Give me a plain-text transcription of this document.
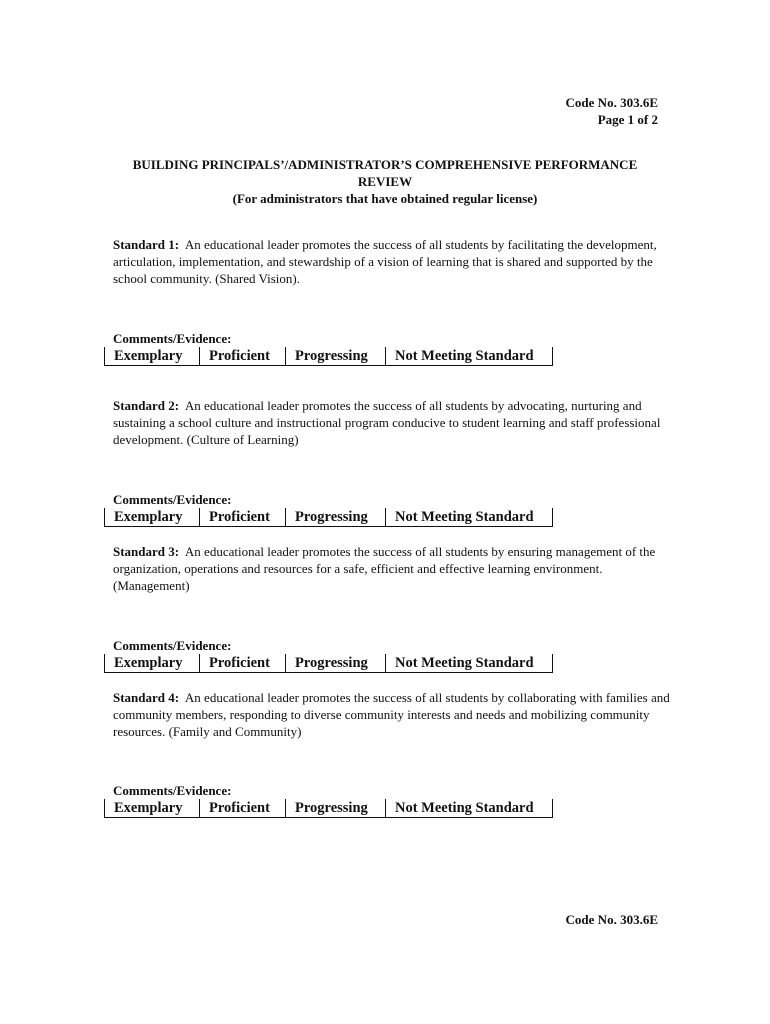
Code No. 303.6E
Page 1 of 2
BUILDING PRINCIPALS’/ADMINISTRATOR’S COMPREHENSIVE PERFORMANCE REVIEW
(For administrators that have obtained regular license)
Standard 1: An educational leader promotes the success of all students by facilitating the development, articulation, implementation, and stewardship of a vision of learning that is shared and supported by the school community. (Shared Vision).
Comments/Evidence:
Exemplary	Proficient	Progressing	Not Meeting Standard
Standard 2: An educational leader promotes the success of all students by advocating, nurturing and sustaining a school culture and instructional program conducive to student learning and staff professional development. (Culture of Learning)
Comments/Evidence:
Exemplary	Proficient	Progressing	Not Meeting Standard
Standard 3: An educational leader promotes the success of all students by ensuring management of the organization, operations and resources for a safe, efficient and effective learning environment. (Management)
Comments/Evidence:
Exemplary	Proficient	Progressing	Not Meeting Standard
Standard 4: An educational leader promotes the success of all students by collaborating with families and community members, responding to diverse community interests and needs and mobilizing community resources. (Family and Community)
Comments/Evidence:
Exemplary	Proficient	Progressing	Not Meeting Standard
Code No. 303.6E
